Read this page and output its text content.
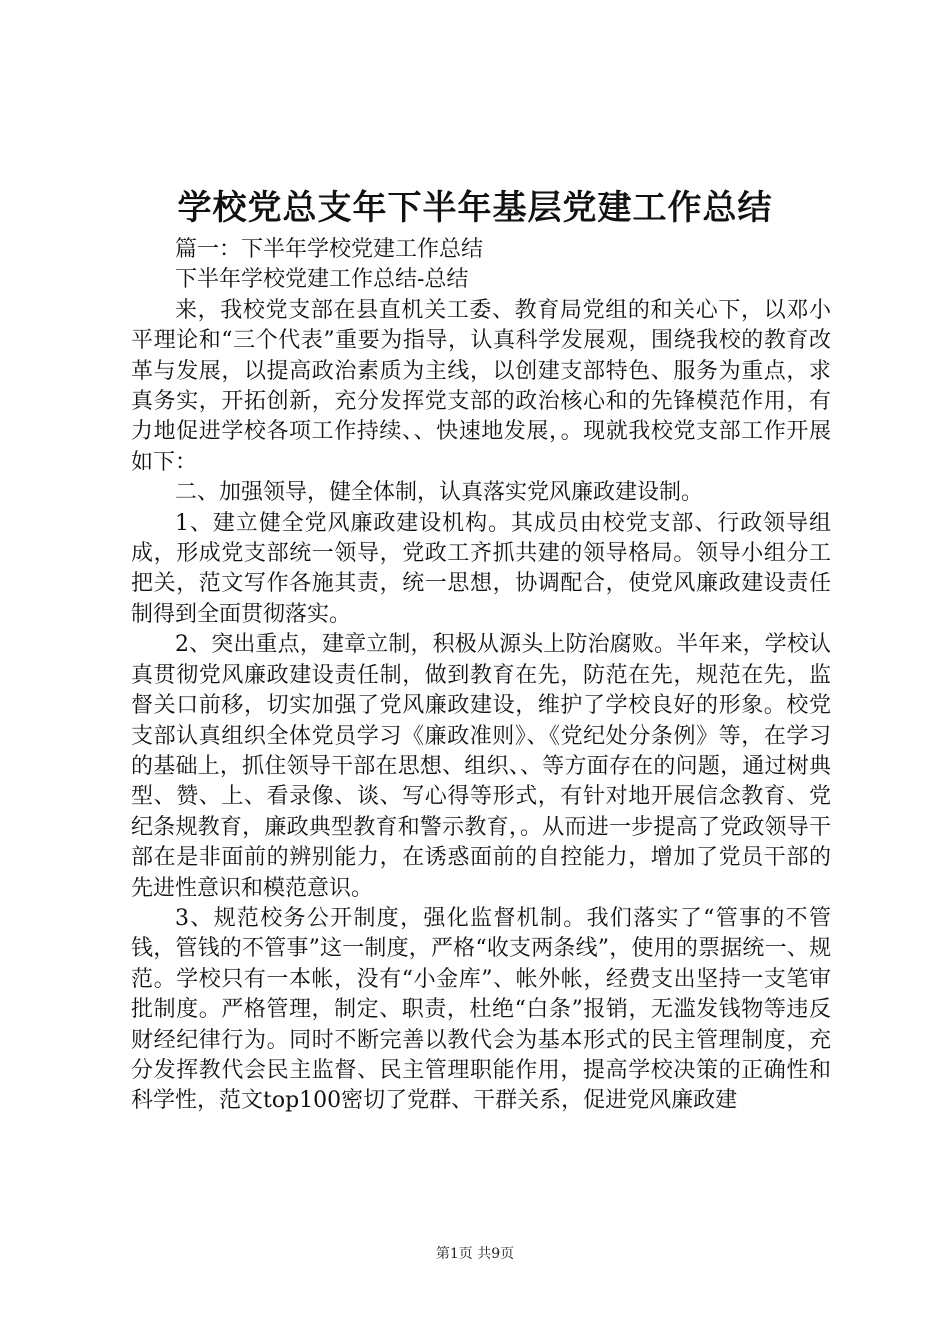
学校党总支年下半年基层党建工作总结

篇一：下半年学校党建工作总结

下半年学校党建工作总结-总结

来，我校党支部在县直机关工委、教育局党组的和关心下，以邓小平理论和“三个代表”重要为指导，认真科学发展观，围绕我校的教育改革与发展，以提高政治素质为主线，以创建支部特色、服务为重点，求真务实，开拓创新，充分发挥党支部的政治核心和的先锋模范作用，有力地促进学校各项工作持续、、快速地发展，。现就我校党支部工作开展如下：

二、加强领导，健全体制，认真落实党风廉政建设制。

1、建立健全党风廉政建设机构。其成员由校党支部、行政领导组成，形成党支部统一领导，党政工齐抓共建的领导格局。领导小组分工把关，范文写作各施其责，统一思想，协调配合，使党风廉政建设责任制得到全面贯彻落实。

2、突出重点，建章立制，积极从源头上防治腐败。半年来，学校认真贯彻党风廉政建设责任制，做到教育在先，防范在先，规范在先，监督关口前移，切实加强了党风廉政建设，维护了学校良好的形象。校党支部认真组织全体党员学习《廉政准则》、《党纪处分条例》等，在学习的基础上，抓住领导干部在思想、组织、、等方面存在的问题，通过树典型、赞、上、看录像、谈、写心得等形式，有针对地开展信念教育、党纪条规教育，廉政典型教育和警示教育，。从而进一步提高了党政领导干部在是非面前的辨别能力，在诱惑面前的自控能力，增加了党员干部的先进性意识和模范意识。

3、规范校务公开制度，强化监督机制。我们落实了“管事的不管钱，管钱的不管事”这一制度，严格“收支两条线”，使用的票据统一、规范。学校只有一本帐，没有“小金库”、帐外帐，经费支出坚持一支笔审批制度。严格管理，制定、职责，杜绝“白条”报销，无滥发钱物等违反财经纪律行为。同时不断完善以教代会为基本形式的民主管理制度，充分发挥教代会民主监督、民主管理职能作用，提高学校决策的正确性和科学性，范文top100密切了党群、干群关系，促进党风廉政建

第1页 共9页
